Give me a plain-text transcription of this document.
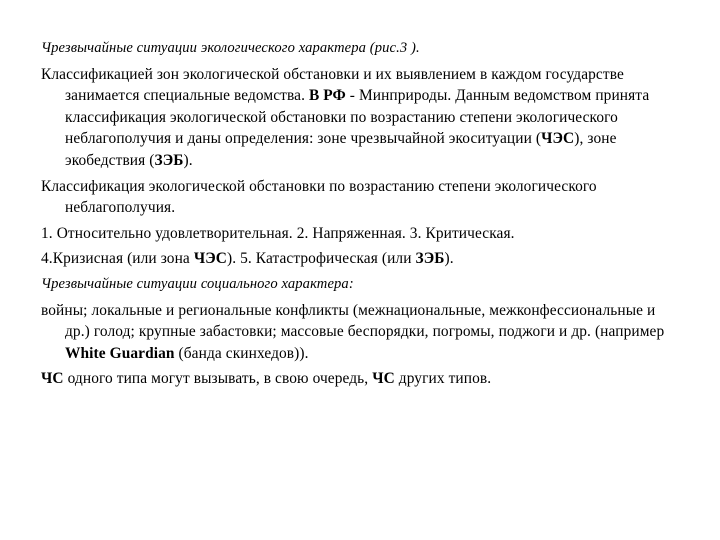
Чрезвычайные ситуации экологического характера (рис.3 ).

Классификацией зон экологической обстановки и их выявлением в каждом государстве занимается специальные ведомства. В РФ - Минприроды. Данным ведомством принята классификация экологической обстановки по возрастанию степени экологического неблагополучия и даны определения: зоне чрезвычайной экоситуации (ЧЭС), зоне экобедствия (ЗЭБ).

Классификация экологической обстановки по возрастанию степени экологического неблагополучия.

1. Относительно удовлетворительная. 2. Напряженная. 3. Критическая.

4.Кризисная (или зона ЧЭС). 5. Катастрофическая (или ЗЭБ).

Чрезвычайные ситуации социального характера:

войны; локальные и региональные конфликты (межнациональные, межконфессиональные и др.) голод; крупные забастовки; массовые беспорядки, погромы, поджоги и др. (например White Guardian (банда скинхедов)).

ЧС одного типа могут вызывать, в свою очередь, ЧС других типов.
